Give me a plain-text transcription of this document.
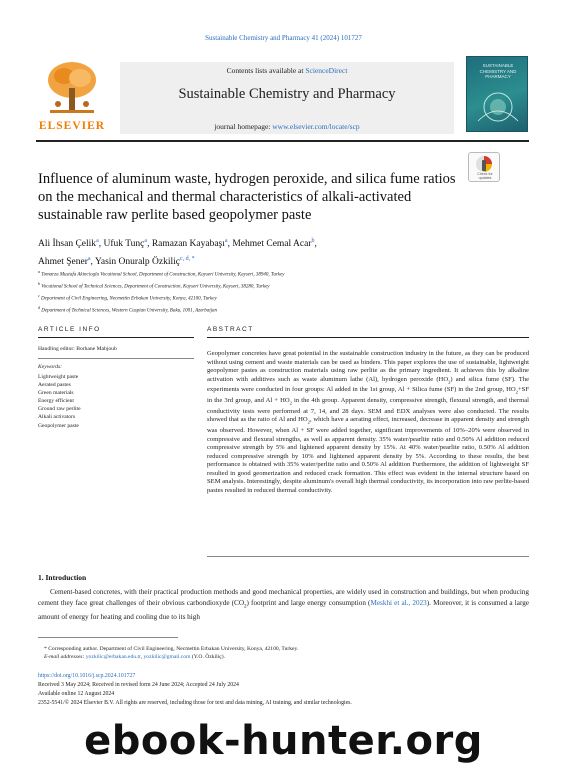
Sustainable Chemistry and Pharmacy 41 (2024) 101727
ELSEVIER
Contents lists available at ScienceDirect
Sustainable Chemistry and Pharmacy
journal homepage: www.elsevier.com/locate/scp
SUSTAINABLE CHEMISTRY AND PHARMACY
Influence of aluminum waste, hydrogen peroxide, and silica fume ratios on the mechanical and thermal characteristics of alkali-activated sustainable raw perlite based geopolymer paste
Check for
updates
Ali İhsan Çelik$^a$, Ufuk Tunç$^a$, Ramazan Kayabaşı$^a$, Mehmet Cemal Acar$^b$,
Ahmet Şener$^a$, Yasin Onuralp Özkiliç$^{c, d, *}$
$^a$ Tomarza Mustafa Akincioglu Vocational School, Department of Construction, Kayseri University, Kayseri, 38940, Turkey
$^b$ Vocational School of Technical Sciences, Department of Construction, Kayseri University, Kayseri, 38280, Turkey
$^c$ Department of Civil Engineering, Necmettin Erbakan University, Konya, 42100, Turkey
$^d$ Department of Technical Sciences, Western Caspian University, Baku, 1001, Azerbaijan
ARTICLE INFO
Handling editor: Borhane Mahjoub
Keywords:
Lightweight paste
Aerated pastes
Green materials
Energy efficient
Ground raw perlite
Alkali activators
Geopolymer paste
ABSTRACT
Geopolymer concretes have great potential in the sustainable construction industry in the future, as they can be produced without using cement and waste materials can be used as binders. This paper explores the use of sustainable, lightweight geopolymer pastes as construction materials using raw perlite as the primary ingredient. It achieves this by alkaline activation with additives such as waste aluminum lathe (Al), hydrogen peroxide $(HO_2)$ and silica fume (SF). The experiments were conducted in four groups: Al added in the 1st group, Al + Silica fume (SF) in the 2nd group, $HO_2+SF$ in the 3rd group, and $Al + HO_2$ in the 4th group. Apparent density, compressive strength, flexural strength, and thermal conductivity tests were performed at 7, 14, and 28 days. SEM and EDX analyses were also conducted. The results showed that as the ratio of Al and $HO_2$, which have a aerating effect, increased, decrease in apparent density and strength was observed. However, when Al + SF were added together, significant improvements of 10%–20% were observed in compressive and flexural strengths, as well as apparent density. 35% water/pearlite ratio and 0.50% Al addition reduced compressive strength by 5% and lightened apparent density by 15%. At 40% water/pearlite ratio, 0.50% Al addition reduced compressive strength by 10% and lightened apparent density by 5%. According to these results, the best performance is obtained with 35% water/perlite ratio and 0.50% Al addition Furthermore, the addition of lightweight SF resulted in good geomerization and reduced crack formation. This effect was evident in the internal structure based on SEM analysis. Interestingly, despite aluminum's overall high thermal conductivity, its incorporation into raw perlite-based pastes resulted in reduced thermal conductivity.
1. Introduction
Cement-based concretes, with their practical production methods and good mechanical properties, are widely used in construction and buildings, but when producing cement they face great challenges of their obvious carbondioxyde $(CO_2)$ footprint and large energy consumption (Meskhi et al., 2023). Moreover, it is consumed a large amount of energy for heating and cooling due to its high
* Corresponding author. Department of Civil Engineering, Necmettin Erbakan University, Konya, 42100, Turkey.
E-mail addresses: yozkilic@erbakan.edu.tr, yozkilic@gmail.com (Y.O. Özkiliç).
https://doi.org/10.1016/j.scp.2024.101727
Received 3 May 2024; Received in revised form 24 June 2024; Accepted 24 July 2024
Available online 12 August 2024
2352-5541/© 2024 Elsevier B.V. All rights are reserved, including those for text and data mining, AI training, and similar technologies.
ebook-hunter.org
